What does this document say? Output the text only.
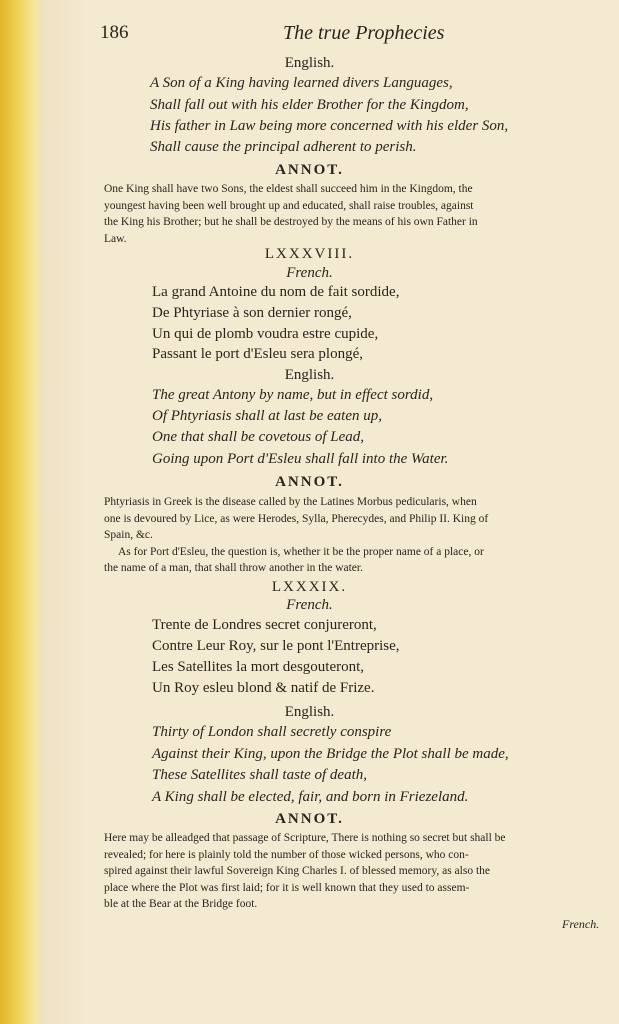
186	The true Prophecies
English.
A Son of a King having learned divers Languages,
Shall fall out with his elder Brother for the Kingdom,
His father in Law being more concerned with his elder Son,
Shall cause the principal adherent to perish.
ANNOT.

One King shall have two Sons, the eldest shall succeed him in the Kingdom, the

youngest having been well brought up and educated, shall raise troubles, against

the King his Brother; but he shall be destroyed by the means of his own Father in

Law.

LXXXVIII.
French.
La grand Antoine du nom de fait sordide,
De Phtyriase à son dernier rongé,
Un qui de plomb voudra estre cupide,
Passant le port d'Esleu sera plongé,
English.
The great Antony by name, but in effect sordid,
Of Phtyriasis shall at last be eaten up,
One that shall be covetous of Lead,
Going upon Port d'Esleu shall fall into the Water.
ANNOT.

Phtyriasis in Greek is the disease called by the Latines Morbus pedicularis, when

one is devoured by Lice, as were Herodes, Sylla, Pherecydes, and Philip II. King of

Spain, &c.

As for Port d'Esleu, the question is, whether it be the proper name of a place, or

the name of a man, that shall throw another in the water.

LXXXIX.
French.
Trente de Londres secret conjureront,
Contre Leur Roy, sur le pont l'Entreprise,
Les Satellites la mort desgouteront,
Un Roy esleu blond & natif de Frize.
English.
Thirty of London shall secretly conspire
Against their King, upon the Bridge the Plot shall be made,
These Satellites shall taste of death,
A King shall be elected, fair, and born in Friezeland.
ANNOT.

Here may be alleadged that passage of Scripture, There is nothing so secret but shall be

revealed; for here is plainly told the number of those wicked persons, who con-

spired against their lawful Sovereign King Charles I. of blessed memory, as also the

place where the Plot was first laid; for it is well known that they used to assem-

ble at the Bear at the Bridge foot.

French.
